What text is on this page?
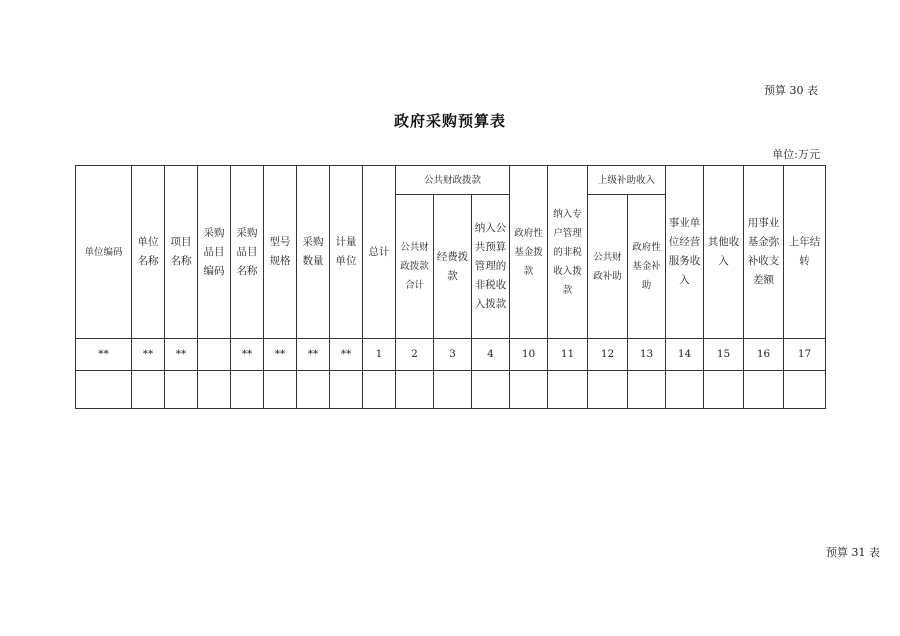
预算 30 表
政府采购预算表
单位:万元
单位编码	单位名称	项目名称	采购品目编码	采购品目名称	型号规格	采购数量	计量单位	总计	公共财政拨款			政府性基金拨款	纳入专户管理的非税收入拨款	上级补助收入		事业单位经营服务收入	其他收入	用事业基金弥补收支差额	上年结转
									公共财政拨款合计	经费拨款	纳入公共预算管理的非税收入拨款			公共财政补助	政府性基金补助				
**	**	**		**	**	**	**	1	2	3	4	10	11	12	13	14	15	16	17

预算 31 表
